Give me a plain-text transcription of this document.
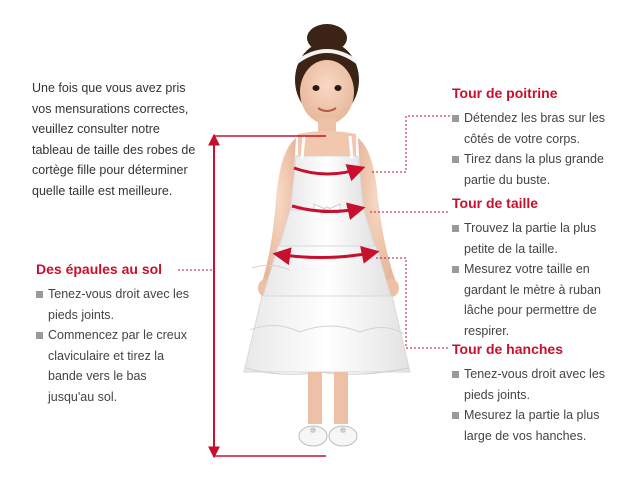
Une fois que vous avez pris vos mensurations correctes, veuillez consulter notre tableau de taille des robes de cortège fille pour déterminer quelle taille est meilleure.
Des épaules au sol
Tenez-vous droit avec les pieds joints.
Commencez par le creux claviculaire et tirez la bande vers le bas jusqu'au sol.
Tour de poitrine
Détendez les bras sur les côtés de votre corps.
Tirez dans la plus grande partie du buste.
Tour de taille
Trouvez la partie la plus petite de la taille.
Mesurez votre taille en gardant le mètre à ruban lâche pour permettre de respirer.
Tour de hanches
Tenez-vous droit avec les pieds joints.
Mesurez la partie la plus large de vos hanches.
